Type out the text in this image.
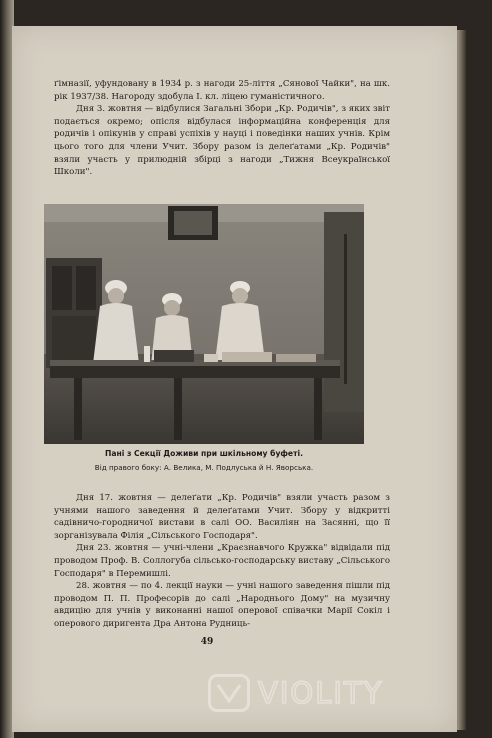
ґімназії, уфундовану в 1934 р. з нагоди 25-ліття „Сянової Чайки", на шк. рік 1937/38. Нагороду здобула I. кл. ліцею гуманістичного.

Дня 3. жовтня — відбулися Загальні Збори „Кр. Родичів", з яких звіт подається окремо; опісля відбулася інформаційна конференція для родичів і опікунів у справі успіхів у науці і поведінки наших учнів. Крім цього того для члени Учит. Збору разом із делеґатами „Кр. Родичів" взяли участь у прилюдній збірці з нагоди „Тижня Всеукраїнської Школи".

Пані з Секції Доживи при шкільному буфеті.
Від правого боку: А. Велика, М. Подлуська й Н. Яворська.

Дня 17. жовтня — делеґати „Кр. Родичів" взяли участь разом з учнями нашого заведення й делеґатами Учит. Збору у відкритті садівничо-городничої вистави в салі ОО. Василіян на Засянні, що її зорганізувала Філія „Сільського Господаря".

Дня 23. жовтня — учні-члени „Краєзнавчого Кружка" відвідали під проводом Проф. В. Соллогуба сільсько-господарську виставу „Сільського Господаря" в Перемишлі.

28. жовтня — по 4. лекції науки — учні нашого заведення пішли під проводом П. П. Професорів до салі „Народнього Дому" на музичну авдицію для учнів у виконанні нашої оперової співачки Марії Сокіл і оперового диригента Дра Антона Рудниць-

49
VIOLITY
